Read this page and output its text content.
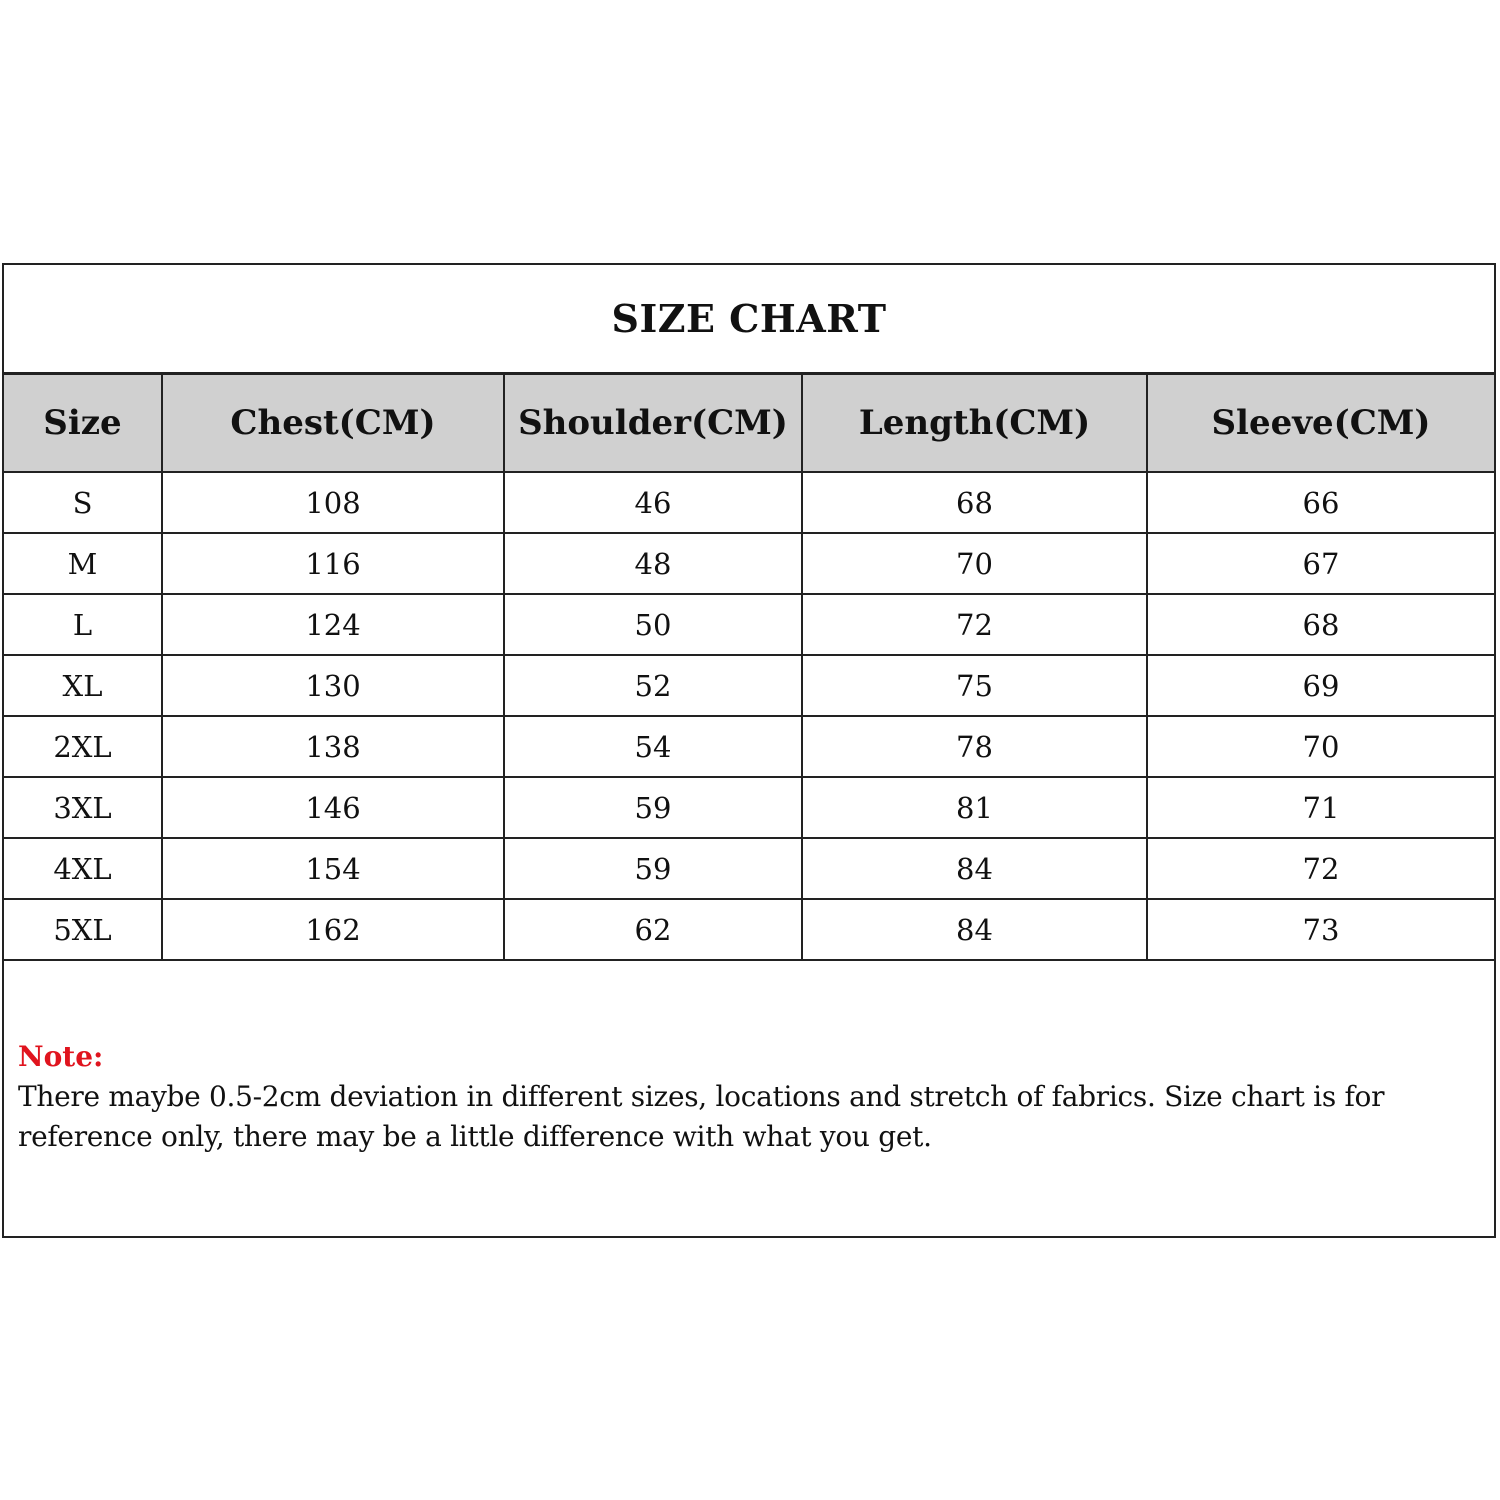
SIZE CHART
Size	Chest(CM)	Shoulder(CM)	Length(CM)	Sleeve(CM)
S	108	46	68	66
M	116	48	70	67
L	124	50	72	68
XL	130	52	75	69
2XL	138	54	78	70
3XL	146	59	81	71
4XL	154	59	84	72
5XL	162	62	84	73
Note:
There maybe 0.5-2cm deviation in different sizes, locations and stretch of fabrics. Size chart is for reference only, there may be a little difference with what you get.
